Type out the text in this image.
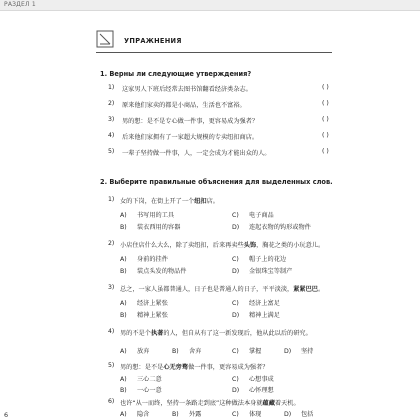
РАЗДЕЛ 1
УПРАЖНЕНИЯ
1. Верны ли следующие утверждения?
1) 这家男人下班后经常去图书馆翻看经济类杂志。	( )
2) 原来他们家卖的都是小商品，生活也不富裕。	( )
3) 男的想：是不是专心做一件事，更容易成为强者？	( )
4) 后来他们家拥有了一家超大规模的专卖纽扣商店。	( )
5) 一辈子坚持做一件事，人，一定会成为才能出众的人。	( )
2. Выберите правильные объяснения для выделенных слов.
1) 女的下岗，在街上开了一个纽扣店。
A) 书写用的工具	C) 电子商品
B) 装衣西用的容器	D) 连起衣物的钩形或物件
2) 小店住店什么大么，除了卖纽扣，后来再卖些头饰，胸花之类的小玩意儿。
A) 身前的挂件	C) 帽子上的花边
B) 装点头发的物品件	D) 金银珠宝等制产
3) 总之，一家人虽都普通人，日子也是普通人的日子，平平淡淡，紧紧巴巴。
A) 经济上紧张	C) 经济上富足
B) 精神上紧张	D) 精神上满足
4) 男的不是个执著的人，但自从有了这一新发现后，他从此以后的研究。
A) 放弃	B) 舍弃	C) 掌握	D) 坚持
5) 男的想：是不是心无旁骛做一件事，更容易成为强者？
A) 三心二意	C) 心想事成
B) 一心一意	D) 心怀理想
6) 也许“从一而终，坚持一条路走到底”这种做法本身就蕴藏着天机。
A) 隐含	B) 外露	C) 体现	D) 包括
6
